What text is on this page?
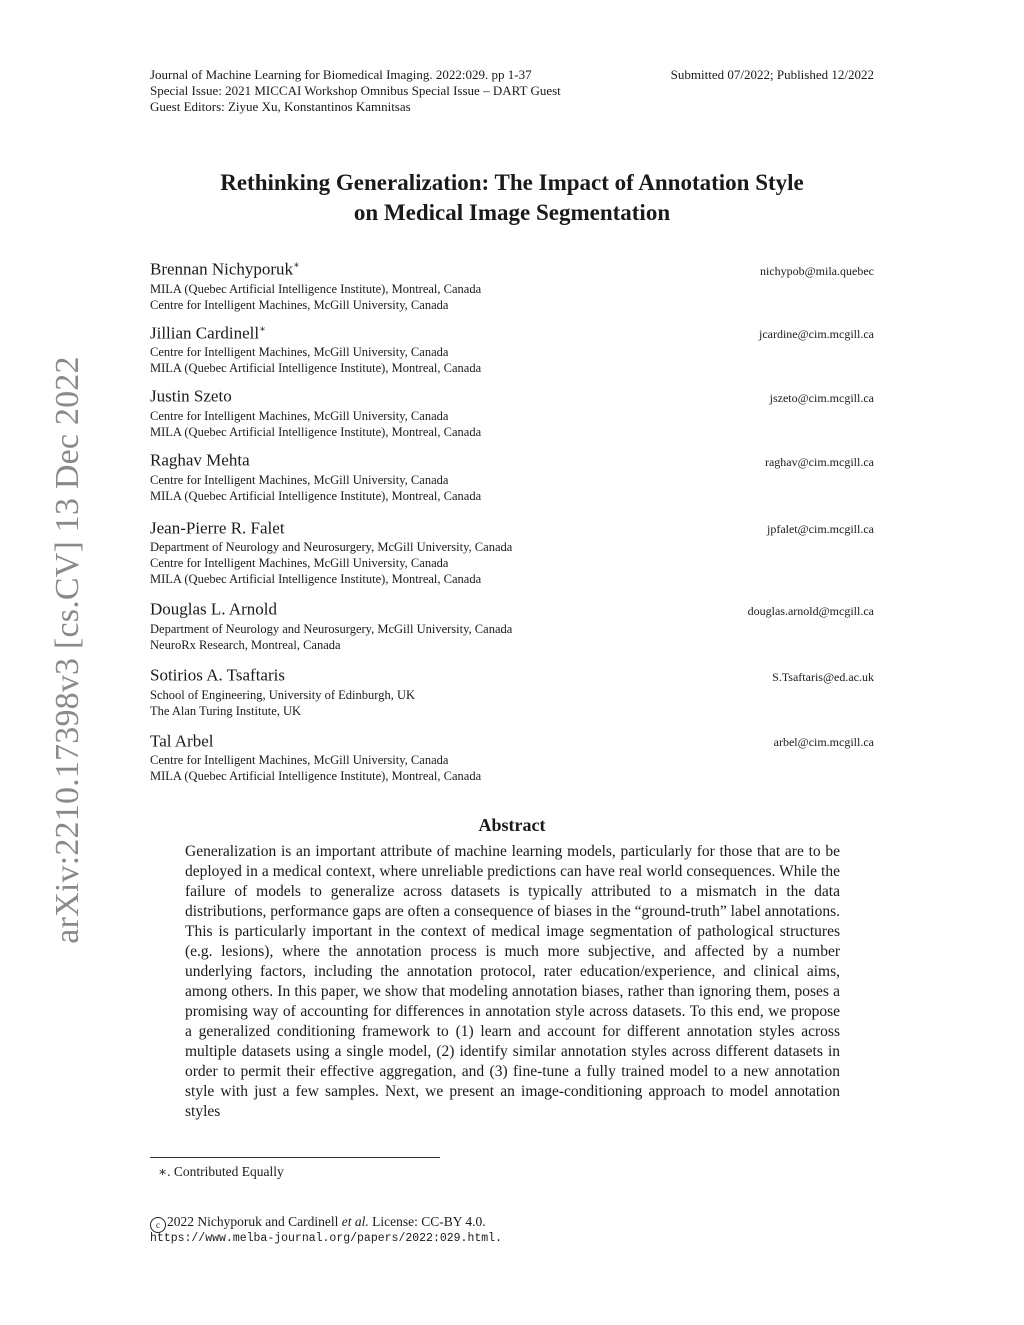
arXiv:2210.17398v3 [cs.CV] 13 Dec 2022
Journal of Machine Learning for Biomedical Imaging. 2022:029. pp 1-37	Submitted 07/2022; Published 12/2022
Special Issue: 2021 MICCAI Workshop Omnibus Special Issue – DART Guest
Guest Editors: Ziyue Xu, Konstantinos Kamnitsas
Rethinking Generalization: The Impact of Annotation Style
on Medical Image Segmentation
Brennan Nichyporuk∗	nichypob@mila.quebec
MILA (Quebec Artificial Intelligence Institute), Montreal, Canada
Centre for Intelligent Machines, McGill University, Canada
Jillian Cardinell∗	jcardine@cim.mcgill.ca
Centre for Intelligent Machines, McGill University, Canada
MILA (Quebec Artificial Intelligence Institute), Montreal, Canada
Justin Szeto	jszeto@cim.mcgill.ca
Centre for Intelligent Machines, McGill University, Canada
MILA (Quebec Artificial Intelligence Institute), Montreal, Canada
Raghav Mehta	raghav@cim.mcgill.ca
Centre for Intelligent Machines, McGill University, Canada
MILA (Quebec Artificial Intelligence Institute), Montreal, Canada
Jean-Pierre R. Falet	jpfalet@cim.mcgill.ca
Department of Neurology and Neurosurgery, McGill University, Canada
Centre for Intelligent Machines, McGill University, Canada
MILA (Quebec Artificial Intelligence Institute), Montreal, Canada
Douglas L. Arnold	douglas.arnold@mcgill.ca
Department of Neurology and Neurosurgery, McGill University, Canada
NeuroRx Research, Montreal, Canada
Sotirios A. Tsaftaris	S.Tsaftaris@ed.ac.uk
School of Engineering, University of Edinburgh, UK
The Alan Turing Institute, UK
Tal Arbel	arbel@cim.mcgill.ca
Centre for Intelligent Machines, McGill University, Canada
MILA (Quebec Artificial Intelligence Institute), Montreal, Canada
Abstract
Generalization is an important attribute of machine learning models, particularly for those that are to be deployed in a medical context, where unreliable predictions can have real world consequences. While the failure of models to generalize across datasets is typically attributed to a mismatch in the data distributions, performance gaps are often a consequence of biases in the “ground-truth” label annotations. This is particularly important in the context of medical image segmentation of pathological structures (e.g. lesions), where the annotation process is much more subjective, and affected by a number underlying factors, including the annotation protocol, rater education/experience, and clinical aims, among others. In this paper, we show that modeling annotation biases, rather than ignoring them, poses a promising way of accounting for differences in annotation style across datasets. To this end, we propose a generalized conditioning framework to (1) learn and account for different annotation styles across multiple datasets using a single model, (2) identify similar annotation styles across different datasets in order to permit their effective aggregation, and (3) fine-tune a fully trained model to a new annotation style with just a few samples. Next, we present an image-conditioning approach to model annotation styles
∗. Contributed Equally
c 2022 Nichyporuk and Cardinell et al. License: CC-BY 4.0.
https://www.melba-journal.org/papers/2022:029.html.
